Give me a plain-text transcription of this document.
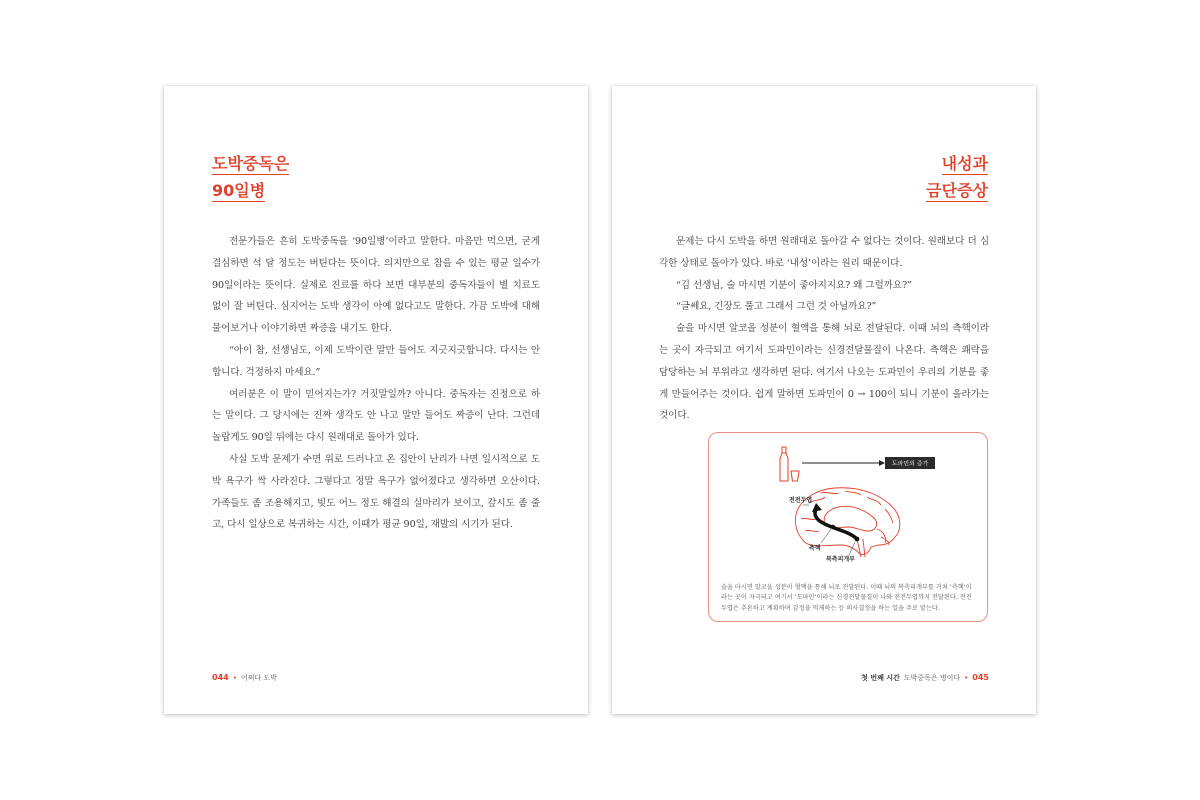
도박중독은
90일병

전문가들은 흔히 도박중독을 ‘90일병’이라고 말한다. 마음만 먹으면, 굳게 결심하면 석 달 정도는 버틴다는 뜻이다. 의지만으로 참을 수 있는 평균 일수가 90일이라는 뜻이다. 실제로 진료를 하다 보면 대부분의 중독자들이 별 치료도 없이 잘 버틴다. 심지어는 도박 생각이 아예 없다고도 말한다. 가끔 도박에 대해 물어보거나 이야기하면 짜증을 내기도 한다.

“아이 참, 선생님도, 이제 도박이란 말만 들어도 지긋지긋합니다. 다시는 안 합니다. 걱정하지 마세요.”

여러분은 이 말이 믿어지는가? 거짓말일까? 아니다. 중독자는 진정으로 하는 말이다. 그 당시에는 진짜 생각도 안 나고 말만 들어도 짜증이 난다. 그런데 놀랍게도 90일 뒤에는 다시 원래대로 돌아가 있다.

사실 도박 문제가 수면 위로 드러나고 온 집안이 난리가 나면 일시적으로 도박 욕구가 싹 사라진다. 그렇다고 정말 욕구가 없어졌다고 생각하면 오산이다. 가족들도 좀 조용해지고, 빚도 어느 정도 해결의 실마리가 보이고, 갚시도 좀 줄고, 다시 일상으로 복귀하는 시간, 이때가 평균 90일, 재발의 시기가 된다.

044 • 어쩌다 도박
내성과
금단증상

문제는 다시 도박을 하면 원래대로 돌아갈 수 없다는 것이다. 원래보다 더 심각한 상태로 돌아가 있다. 바로 ‘내성’이라는 원리 때문이다.

“김 선생님, 술 마시면 기분이 좋아지지요? 왜 그럴까요?”

“글쎄요, 긴장도 풀고 그래서 그런 것 아닐까요?”

술을 마시면 알코올 성분이 혈액을 통해 뇌로 전달된다. 이때 뇌의 측핵이라는 곳이 자극되고 여기서 도파민이라는 신경전달물질이 나온다. 측핵은 쾌락을 담당하는 뇌 부위라고 생각하면 된다. 여기서 나오는 도파민이 우리의 기분을 좋게 만들어주는 것이다. 쉽게 말하면 도파민이 0 → 100이 되니 기분이 올라가는 것이다.

도파민의 증가
전전두엽
측핵
복측피개부
술을 마시면 알코올 성분이 혈액을 통해 뇌로 전달된다. 이때 뇌의 복측피개부를 거쳐 ‘측핵’이라는 곳이 자극되고 여기서 ‘도파민’이라는 신경전달물질이 나와 전전두엽까지 전달된다. 전전두엽은 추론하고 계획하며 감정을 억제하는 등 의사결정을 하는 일을 주로 맡는다.
첫 번째 시간 도박중독은 병이다 • 045
